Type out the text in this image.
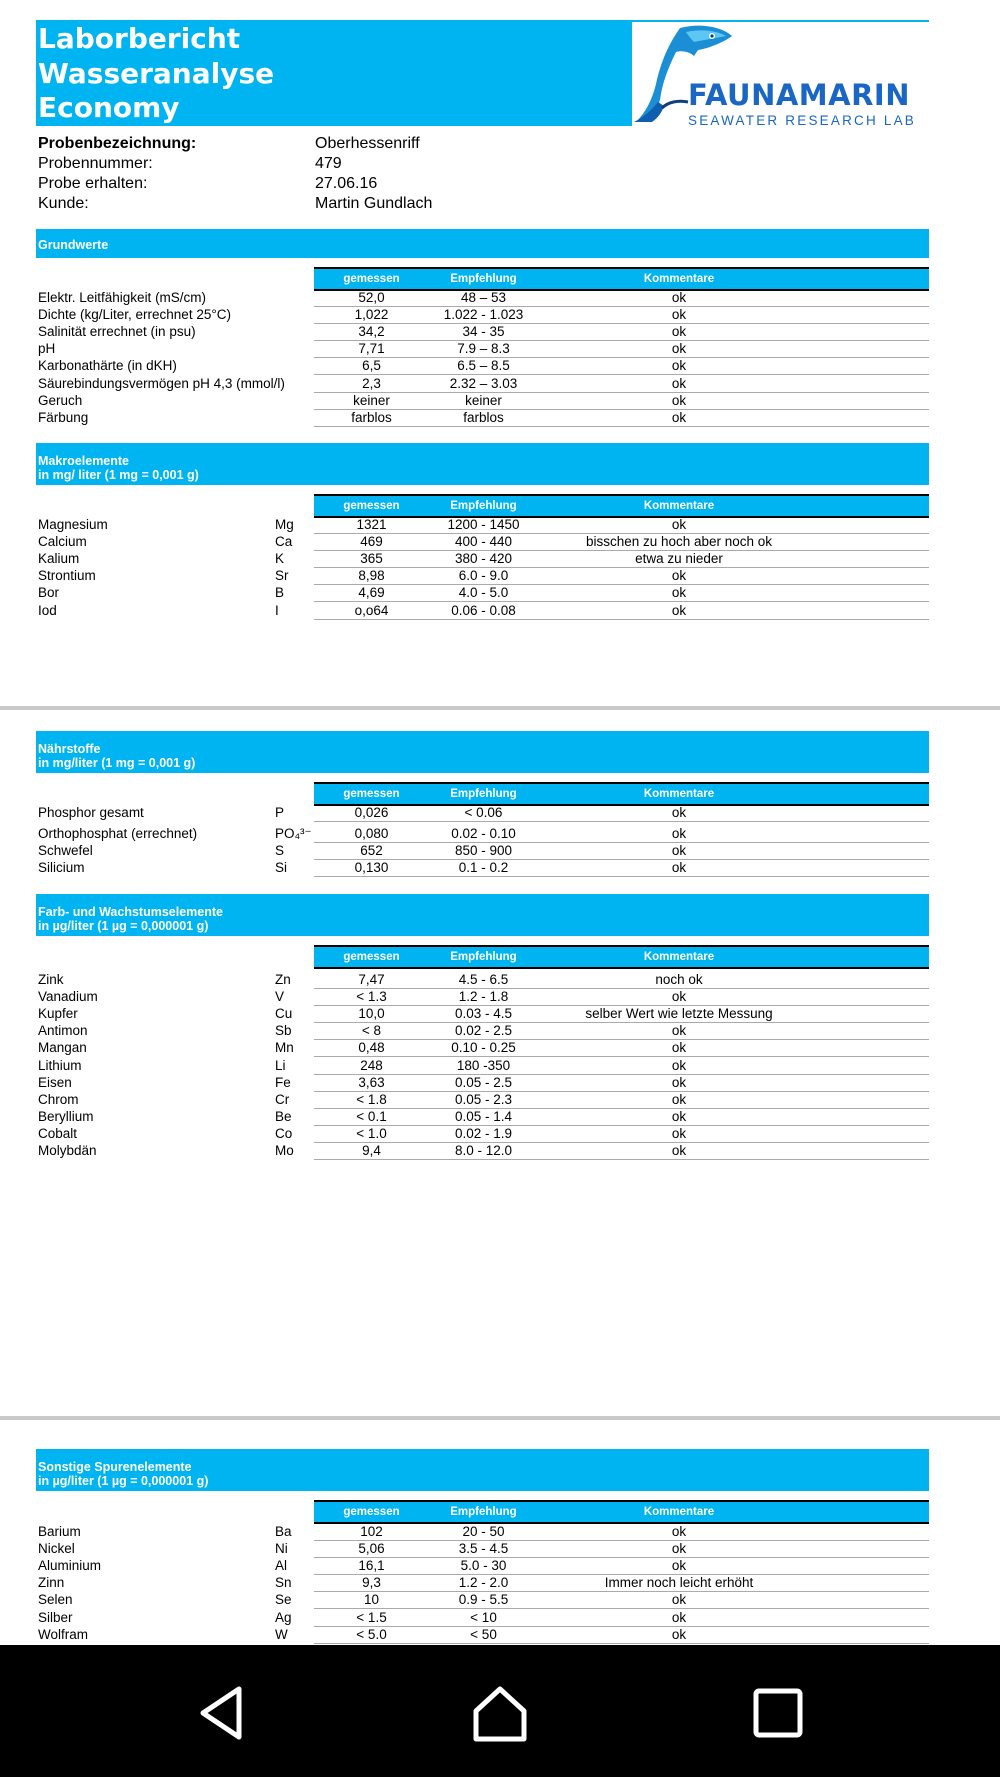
Laborbericht
Wasseranalyse
Economy	FAUNAMARIN
SEAWATER RESEARCH LAB
Probenbezeichnung:	Oberhessenriff
Probennummer:	479
Probe erhalten:	27.06.16
Kunde:	Martin Gundlach
Grundwerte
gemessen	Empfehlung	Kommentare
Elektr. Leitfähigkeit (mS/cm)	52,0	48 – 53	ok
Dichte (kg/Liter, errechnet 25°C)	1,022	1.022 - 1.023	ok
Salinität errechnet (in psu)	34,2	34 - 35	ok
pH	7,71	7.9 – 8.3	ok
Karbonathärte (in dKH)	6,5	6.5 – 8.5	ok
Säurebindungsvermögen pH 4,3 (mmol/l)	2,3	2.32 – 3.03	ok
Geruch	keiner	keiner	ok
Färbung	farblos	farblos	ok
Makroelemente
in mg/ liter (1 mg = 0,001 g)
gemessen	Empfehlung	Kommentare
Magnesium	Mg	1321	1200 - 1450	ok
Calcium	Ca	469	400 - 440	bisschen zu hoch aber noch ok
Kalium	K	365	380 - 420	etwa zu nieder
Strontium	Sr	8,98	6.0 - 9.0	ok
Bor	B	4,69	4.0 - 5.0	ok
Iod	I	o,o64	0.06 - 0.08	ok
Nährstoffe
in mg/liter (1 mg = 0,001 g)
gemessen	Empfehlung	Kommentare
Phosphor gesamt	P	0,026	< 0.06	ok
Orthophosphat (errechnet)	PO₄³⁻	0,080	0.02 - 0.10	ok
Schwefel	S	652	850 - 900	ok
Silicium	Si	0,130	0.1 - 0.2	ok
Farb- und Wachstumselemente
in µg/liter (1 µg = 0,000001 g)
gemessen	Empfehlung	Kommentare
Zink	Zn	7,47	4.5 - 6.5	noch ok
Vanadium	V	< 1.3	1.2 - 1.8	ok
Kupfer	Cu	10,0	0.03 - 4.5	selber Wert wie letzte Messung
Antimon	Sb	< 8	0.02 - 2.5	ok
Mangan	Mn	0,48	0.10 - 0.25	ok
Lithium	Li	248	180 -350	ok
Eisen	Fe	3,63	0.05 - 2.5	ok
Chrom	Cr	< 1.8	0.05 - 2.3	ok
Beryllium	Be	< 0.1	0.05 - 1.4	ok
Cobalt	Co	< 1.0	0.02 - 1.9	ok
Molybdän	Mo	9,4	8.0 - 12.0	ok
Sonstige Spurenelemente
in µg/liter (1 µg = 0,000001 g)
gemessen	Empfehlung	Kommentare
Barium	Ba	102	20 - 50	ok
Nickel	Ni	5,06	3.5 - 4.5	ok
Aluminium	Al	16,1	5.0 - 30	ok
Zinn	Sn	9,3	1.2 - 2.0	Immer noch leicht erhöht
Selen	Se	10	0.9 - 5.5	ok
Silber	Ag	< 1.5	< 10	ok
Wolfram	W	< 5.0	< 50	ok
